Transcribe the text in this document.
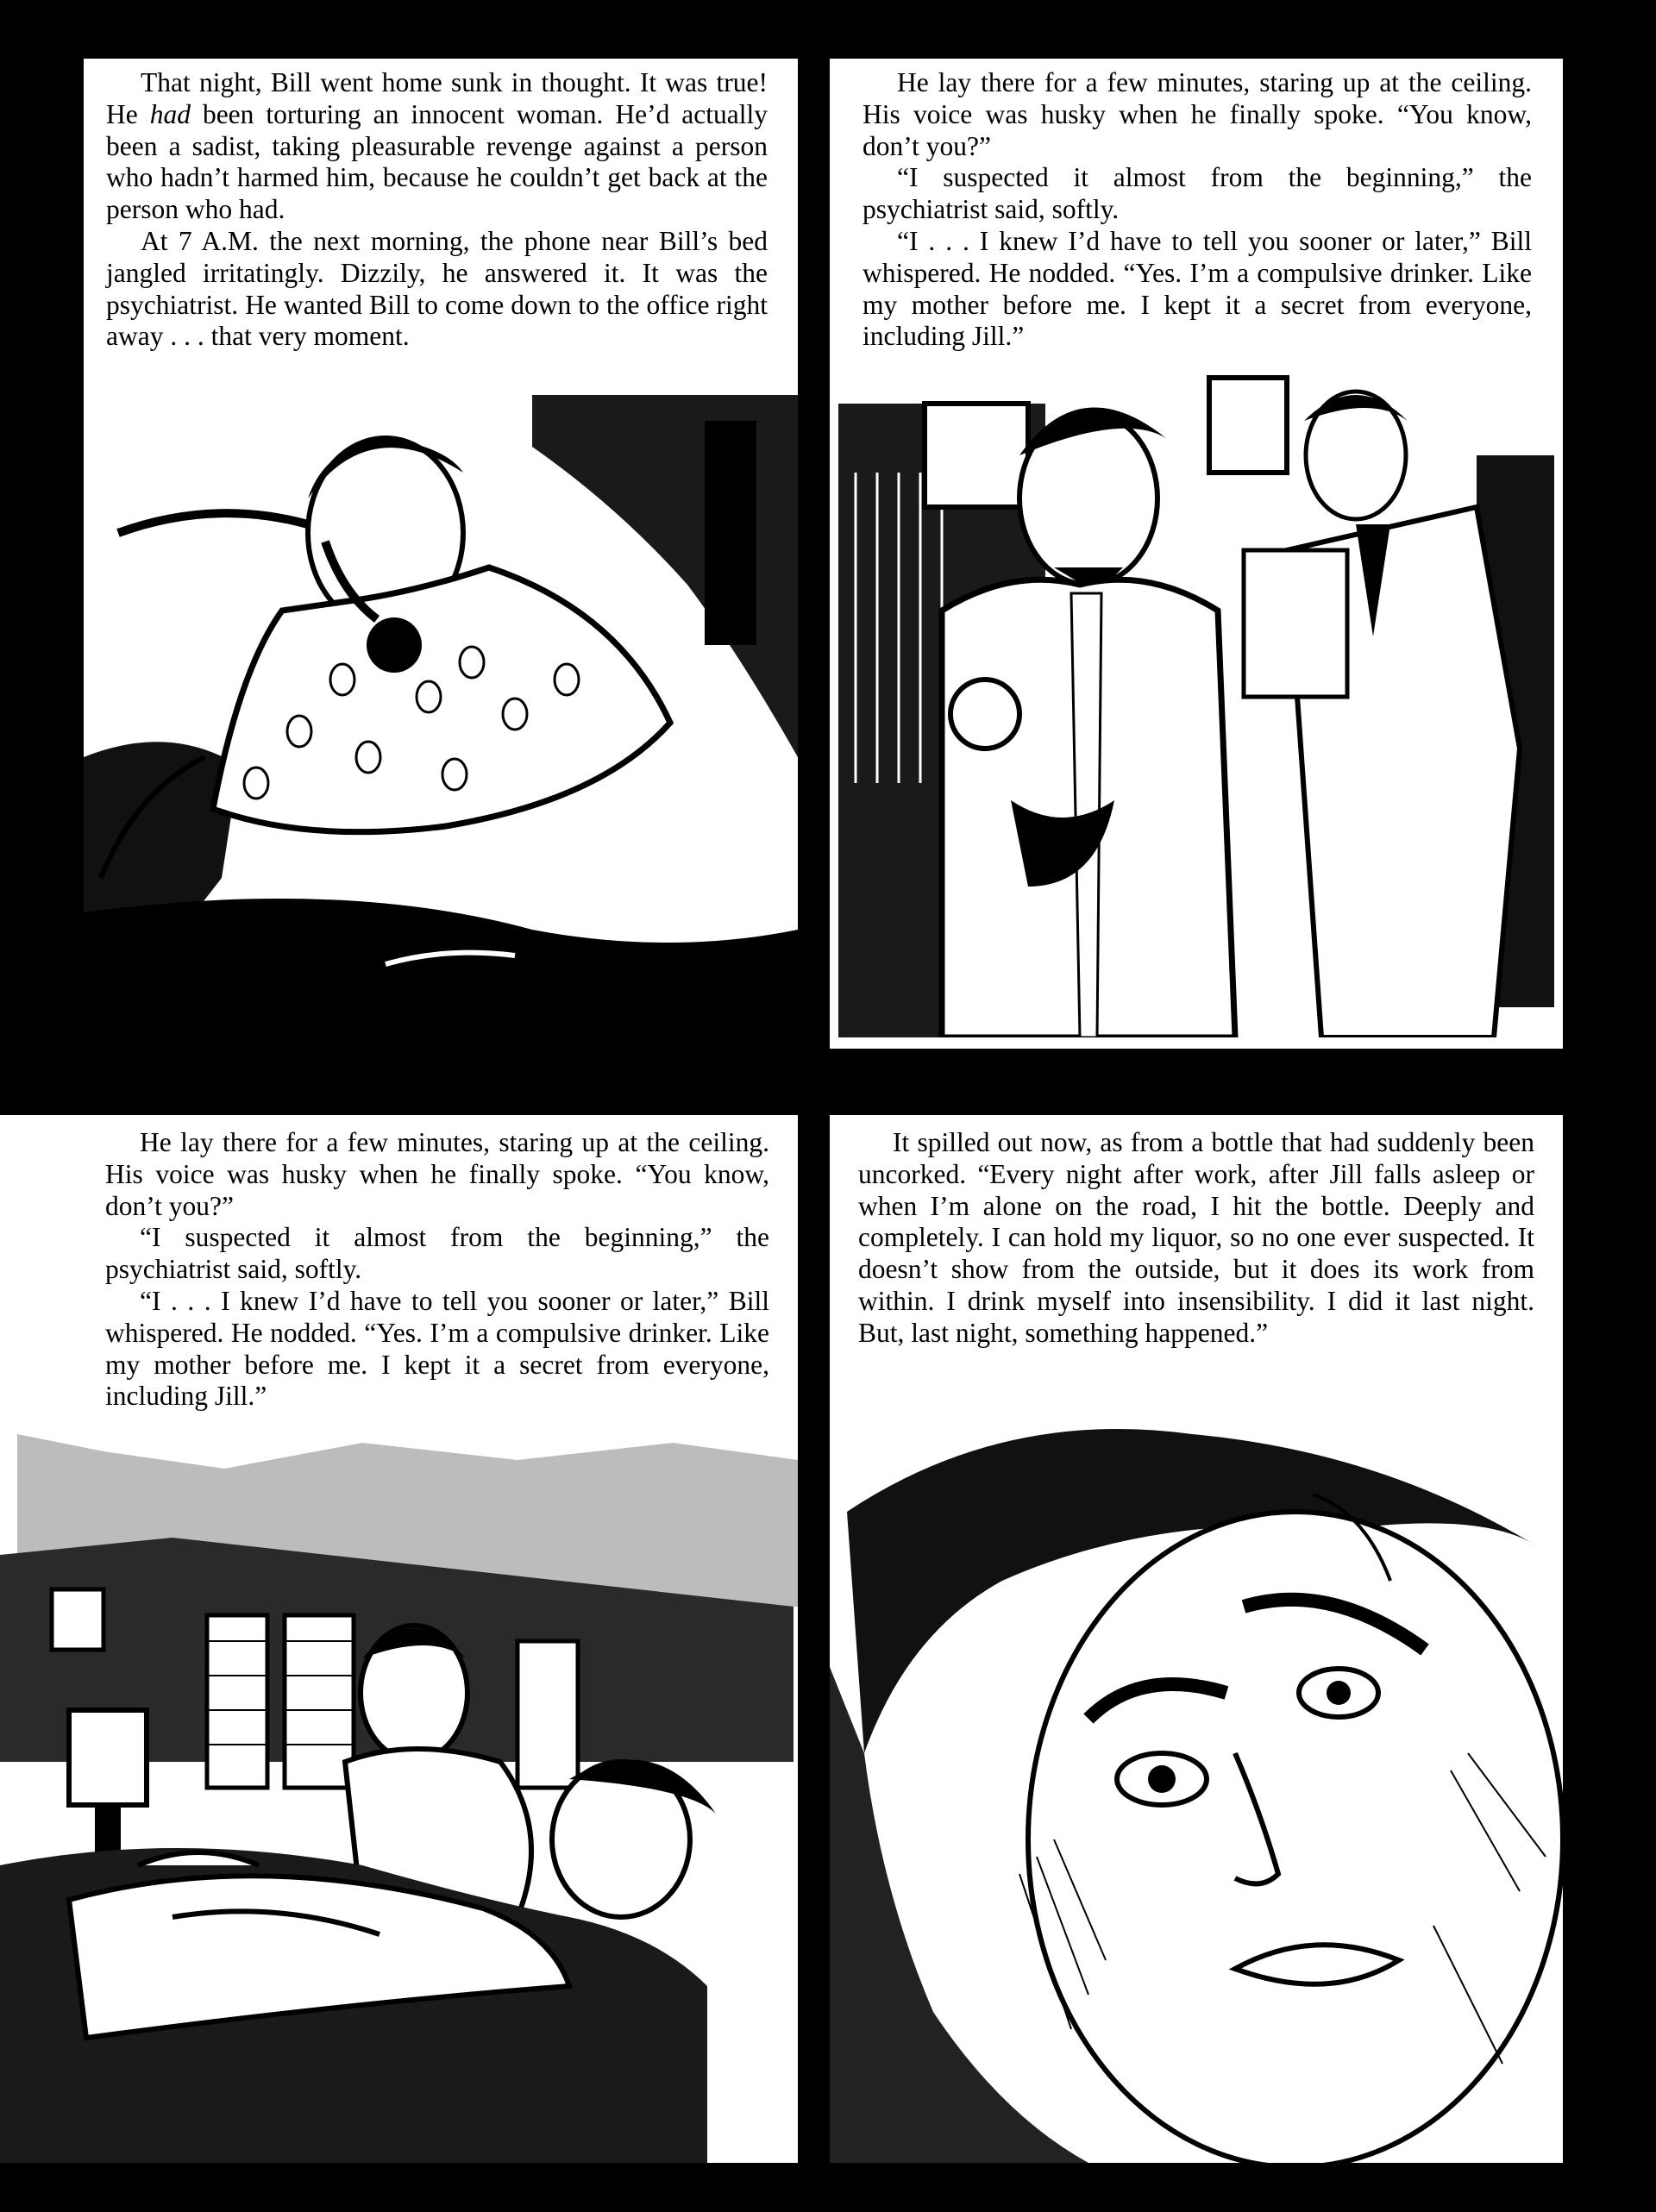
That night, Bill went home sunk in thought. It was true! He had been torturing an innocent woman. He’d actually been a sadist, taking pleasurable revenge against a person who hadn’t harmed him, because he couldn’t get back at the person who had.

At 7 A.M. the next morning, the phone near Bill’s bed jangled irritatingly. Dizzily, he answered it. It was the psychiatrist. He wanted Bill to come down to the office right away . . . that very moment.

He lay there for a few minutes, staring up at the ceiling. His voice was husky when he finally spoke. “You know, don’t you?”

“I suspected it almost from the beginning,” the psychiatrist said, softly.

“I . . . I knew I’d have to tell you sooner or later,” Bill whispered. He nodded. “Yes. I’m a compulsive drinker. Like my mother before me. I kept it a secret from everyone, including Jill.”

He lay there for a few minutes, staring up at the ceiling. His voice was husky when he finally spoke. “You know, don’t you?”

“I suspected it almost from the beginning,” the psychiatrist said, softly.

“I . . . I knew I’d have to tell you sooner or later,” Bill whispered. He nodded. “Yes. I’m a compulsive drinker. Like my mother before me. I kept it a secret from everyone, including Jill.”

It spilled out now, as from a bottle that had suddenly been uncorked. “Every night after work, after Jill falls asleep or when I’m alone on the road, I hit the bottle. Deeply and completely. I can hold my liquor, so no one ever suspected. It doesn’t show from the outside, but it does its work from within. I drink myself into insensibility. I did it last night. But, last night, something happened.”
